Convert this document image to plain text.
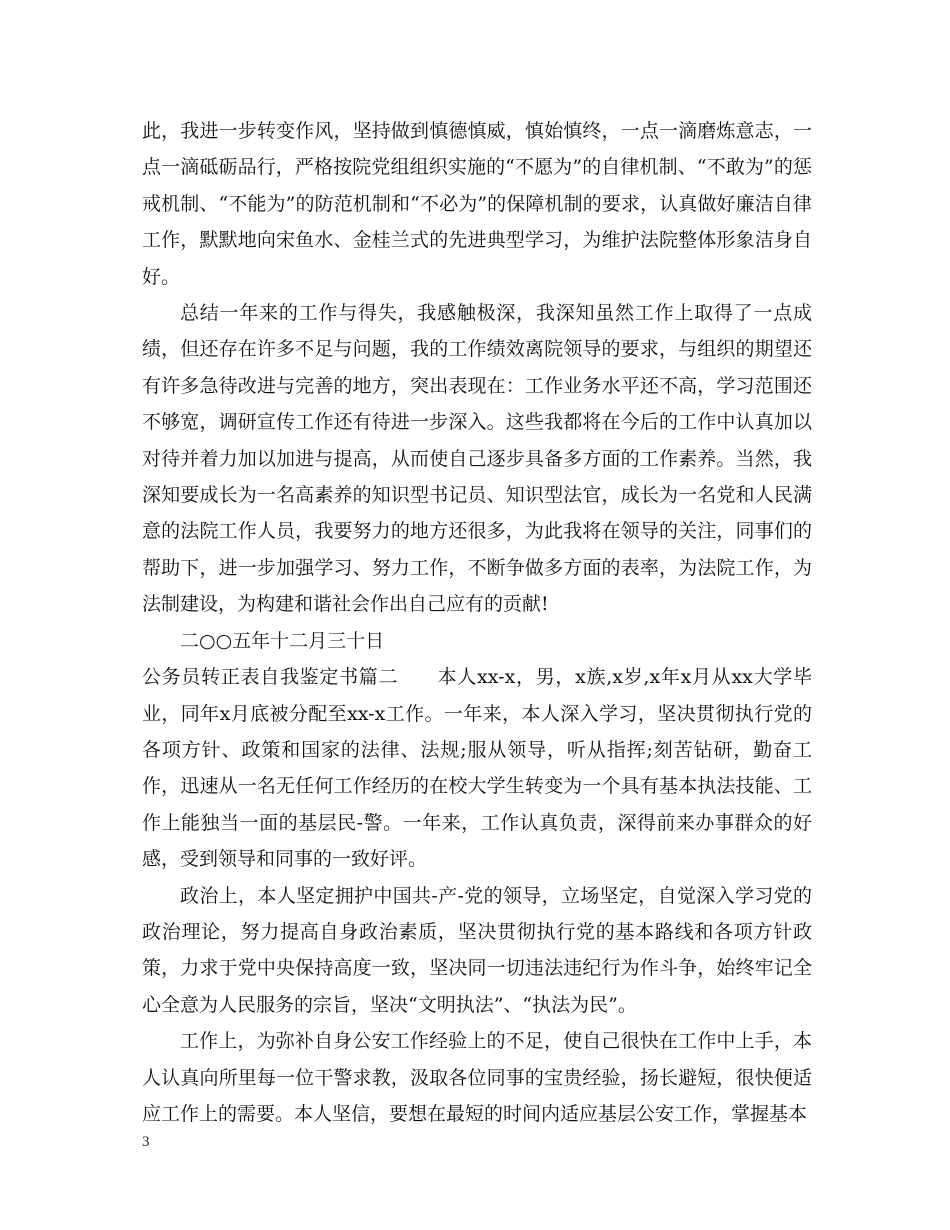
此，我进一步转变作风，坚持做到慎德慎威，慎始慎终，一点一滴磨炼意志，一点一滴砥砺品行，严格按院党组组织实施的“不愿为”的自律机制、“不敢为”的惩戒机制、“不能为”的防范机制和“不必为”的保障机制的要求，认真做好廉洁自律工作，默默地向宋鱼水、金桂兰式的先进典型学习，为维护法院整体形象洁身自好。

总结一年来的工作与得失，我感触极深，我深知虽然工作上取得了一点成绩，但还存在许多不足与问题，我的工作绩效离院领导的要求，与组织的期望还有许多急待改进与完善的地方，突出表现在：工作业务水平还不高，学习范围还不够宽，调研宣传工作还有待进一步深入。这些我都将在今后的工作中认真加以对待并着力加以加进与提高，从而使自己逐步具备多方面的工作素养。当然，我深知要成长为一名高素养的知识型书记员、知识型法官，成长为一名党和人民满意的法院工作人员，我要努力的地方还很多，为此我将在领导的关注，同事们的帮助下，进一步加强学习、努力工作，不断争做多方面的表率，为法院工作，为法制建设，为构建和谐社会作出自己应有的贡献!

二○○五年十二月三十日

公务员转正表自我鉴定书篇二　　本人xx-x，男，x族,x岁,x年x月从xx大学毕业，同年x月底被分配至xx-x工作。一年来，本人深入学习，坚决贯彻执行党的各项方针、政策和国家的法律、法规;服从领导，听从指挥;刻苦钻研，勤奋工作，迅速从一名无任何工作经历的在校大学生转变为一个具有基本执法技能、工作上能独当一面的基层民-警。一年来，工作认真负责，深得前来办事群众的好感，受到领导和同事的一致好评。

政治上，本人坚定拥护中国共-产-党的领导，立场坚定，自觉深入学习党的政治理论，努力提高自身政治素质，坚决贯彻执行党的基本路线和各项方针政策，力求于党中央保持高度一致，坚决同一切违法违纪行为作斗争，始终牢记全心全意为人民服务的宗旨，坚决“文明执法”、“执法为民”。

工作上，为弥补自身公安工作经验上的不足，使自己很快在工作中上手，本人认真向所里每一位干警求教，汲取各位同事的宝贵经验，扬长避短，很快便适应工作上的需要。本人坚信，要想在最短的时间内适应基层公安工作，掌握基本

3
